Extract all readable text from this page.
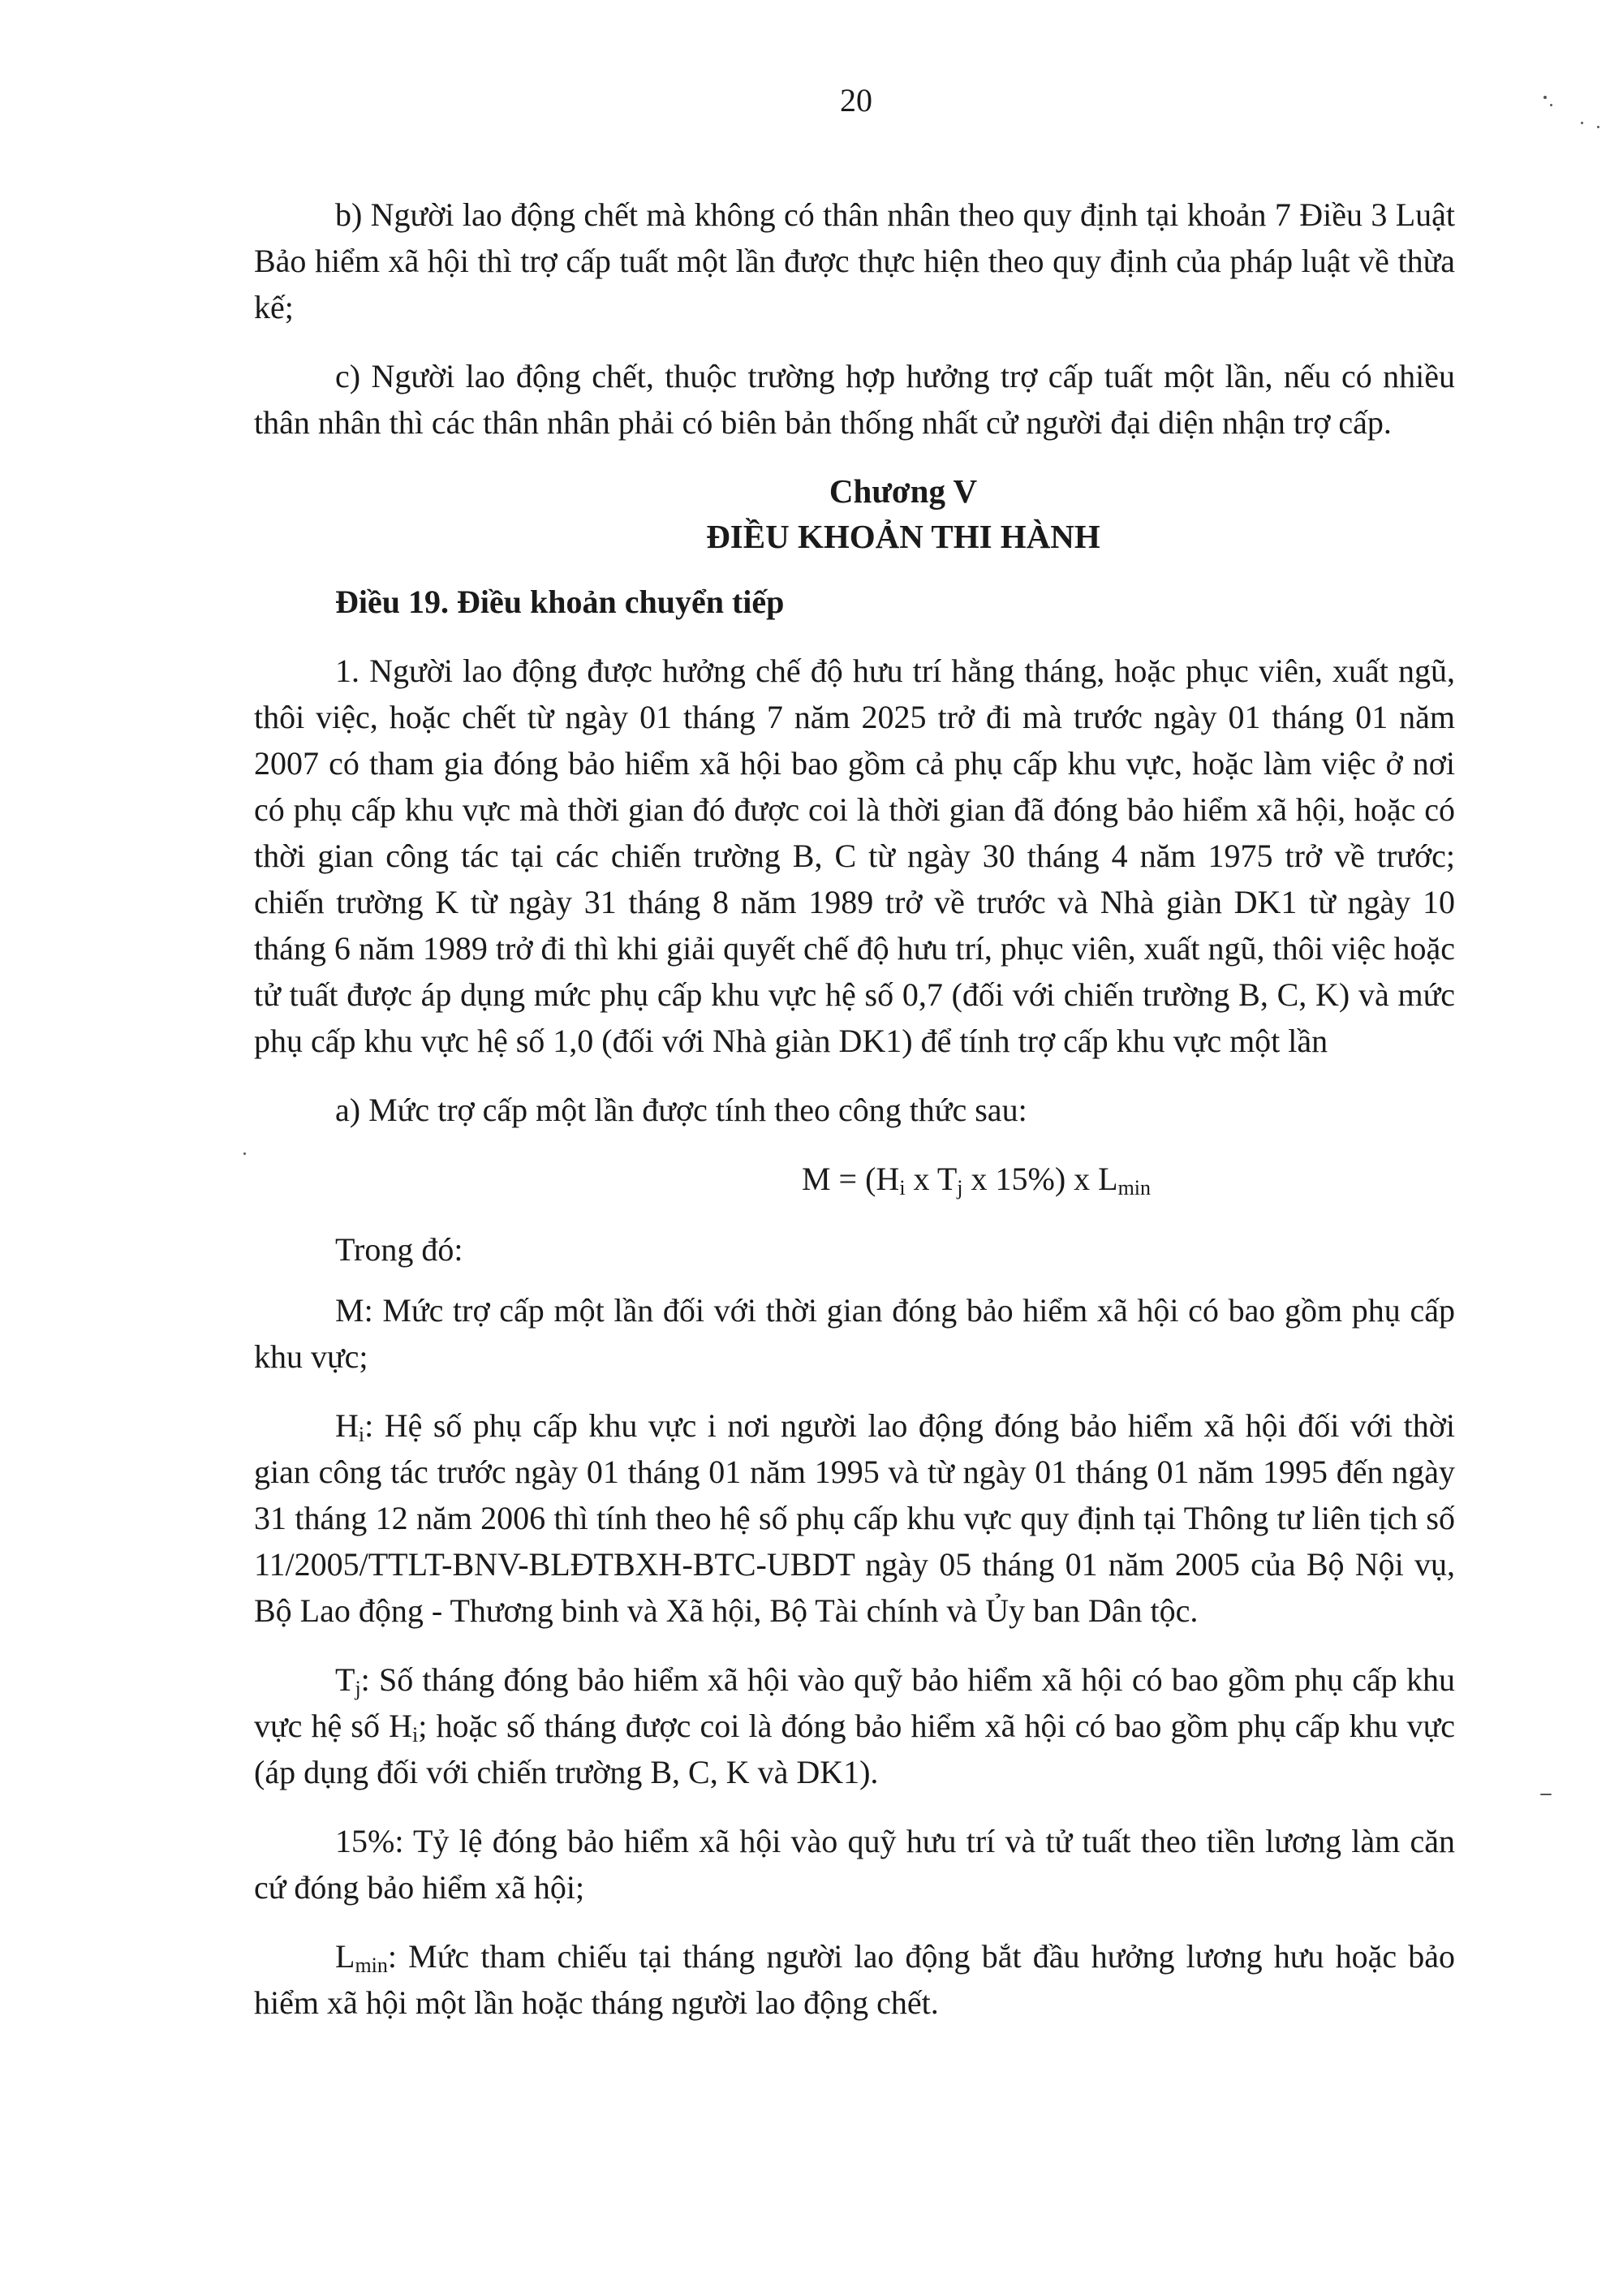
20

b) Người lao động chết mà không có thân nhân theo quy định tại khoản 7 Điều 3 Luật Bảo hiểm xã hội thì trợ cấp tuất một lần được thực hiện theo quy định của pháp luật về thừa kế;

c) Người lao động chết, thuộc trường hợp hưởng trợ cấp tuất một lần, nếu có nhiều thân nhân thì các thân nhân phải có biên bản thống nhất cử người đại diện nhận trợ cấp.

Chương V
ĐIỀU KHOẢN THI HÀNH

Điều 19. Điều khoản chuyển tiếp

1. Người lao động được hưởng chế độ hưu trí hằng tháng, hoặc phục viên, xuất ngũ, thôi việc, hoặc chết từ ngày 01 tháng 7 năm 2025 trở đi mà trước ngày 01 tháng 01 năm 2007 có tham gia đóng bảo hiểm xã hội bao gồm cả phụ cấp khu vực, hoặc làm việc ở nơi có phụ cấp khu vực mà thời gian đó được coi là thời gian đã đóng bảo hiểm xã hội, hoặc có thời gian công tác tại các chiến trường B, C từ ngày 30 tháng 4 năm 1975 trở về trước; chiến trường K từ ngày 31 tháng 8 năm 1989 trở về trước và Nhà giàn DK1 từ ngày 10 tháng 6 năm 1989 trở đi thì khi giải quyết chế độ hưu trí, phục viên, xuất ngũ, thôi việc hoặc tử tuất được áp dụng mức phụ cấp khu vực hệ số 0,7 (đối với chiến trường B, C, K) và mức phụ cấp khu vực hệ số 1,0 (đối với Nhà giàn DK1) để tính trợ cấp khu vực một lần

a) Mức trợ cấp một lần được tính theo công thức sau:

$M = (H_i$ x $T_j$ x 15%) x $L_{min}$

Trong đó:

M: Mức trợ cấp một lần đối với thời gian đóng bảo hiểm xã hội có bao gồm phụ cấp khu vực;

$H_i$: Hệ số phụ cấp khu vực i nơi người lao động đóng bảo hiểm xã hội đối với thời gian công tác trước ngày 01 tháng 01 năm 1995 và từ ngày 01 tháng 01 năm 1995 đến ngày 31 tháng 12 năm 2006 thì tính theo hệ số phụ cấp khu vực quy định tại Thông tư liên tịch số 11/2005/TTLT-BNV-BLĐTBXH-BTC-UBDT ngày 05 tháng 01 năm 2005 của Bộ Nội vụ, Bộ Lao động - Thương binh và Xã hội, Bộ Tài chính và Ủy ban Dân tộc.

$T_j$: Số tháng đóng bảo hiểm xã hội vào quỹ bảo hiểm xã hội có bao gồm phụ cấp khu vực hệ số $H_i$; hoặc số tháng được coi là đóng bảo hiểm xã hội có bao gồm phụ cấp khu vực (áp dụng đối với chiến trường B, C, K và DK1).

15%: Tỷ lệ đóng bảo hiểm xã hội vào quỹ hưu trí và tử tuất theo tiền lương làm căn cứ đóng bảo hiểm xã hội;

$L_{min}$: Mức tham chiếu tại tháng người lao động bắt đầu hưởng lương hưu hoặc bảo hiểm xã hội một lần hoặc tháng người lao động chết.
